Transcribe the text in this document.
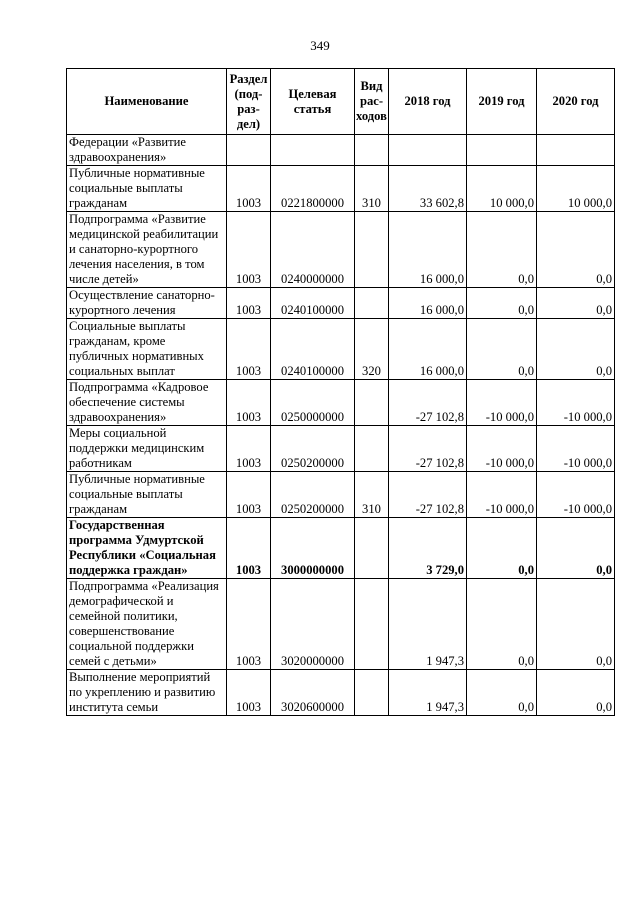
349
Наименование	Раздел (под-раз-дел)	Целевая статья	Вид рас-ходов	2018 год	2019 год	2020 год
Федерации «Развитие здравоохранения»						
Публичные нормативные социальные выплаты гражданам	1003	0221800000	310	33 602,8	10 000,0	10 000,0
Подпрограмма «Развитие медицинской реабилитации и санаторно-курортного лечения населения, в том числе детей»	1003	0240000000		16 000,0	0,0	0,0
Осуществление санаторно-курортного лечения	1003	0240100000		16 000,0	0,0	0,0
Социальные выплаты гражданам, кроме публичных нормативных социальных выплат	1003	0240100000	320	16 000,0	0,0	0,0
Подпрограмма «Кадровое обеспечение системы здравоохранения»	1003	0250000000		-27 102,8	-10 000,0	-10 000,0
Меры социальной поддержки медицинским работникам	1003	0250200000		-27 102,8	-10 000,0	-10 000,0
Публичные нормативные социальные выплаты гражданам	1003	0250200000	310	-27 102,8	-10 000,0	-10 000,0
Государственная программа Удмуртской Республики «Социальная поддержка граждан»	1003	3000000000		3 729,0	0,0	0,0
Подпрограмма «Реализация демографической и семейной политики, совершенствование социальной поддержки семей с детьми»	1003	3020000000		1 947,3	0,0	0,0
Выполнение мероприятий по укреплению и развитию института семьи	1003	3020600000		1 947,3	0,0	0,0
